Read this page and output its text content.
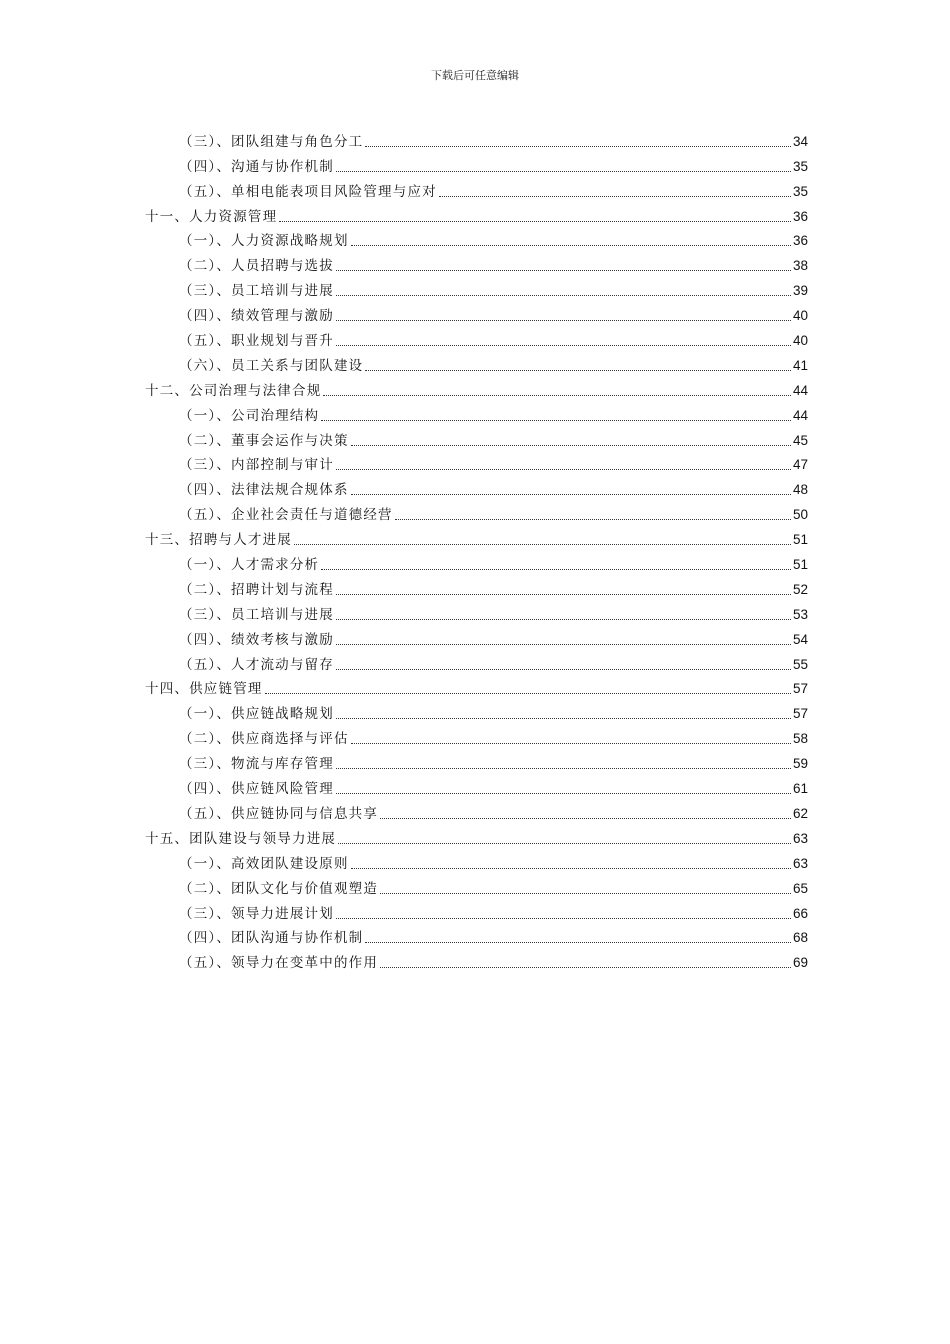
下载后可任意编辑
（三）、团队组建与角色分工	34
（四）、沟通与协作机制	35
（五）、单相电能表项目风险管理与应对	35
十一、人力资源管理	36
（一）、人力资源战略规划	36
（二）、人员招聘与选拔	38
（三）、员工培训与进展	39
（四）、绩效管理与激励	40
（五）、职业规划与晋升	40
（六）、员工关系与团队建设	41
十二、公司治理与法律合规	44
（一）、公司治理结构	44
（二）、董事会运作与决策	45
（三）、内部控制与审计	47
（四）、法律法规合规体系	48
（五）、企业社会责任与道德经营	50
十三、招聘与人才进展	51
（一）、人才需求分析	51
（二）、招聘计划与流程	52
（三）、员工培训与进展	53
（四）、绩效考核与激励	54
（五）、人才流动与留存	55
十四、供应链管理	57
（一）、供应链战略规划	57
（二）、供应商选择与评估	58
（三）、物流与库存管理	59
（四）、供应链风险管理	61
（五）、供应链协同与信息共享	62
十五、团队建设与领导力进展	63
（一）、高效团队建设原则	63
（二）、团队文化与价值观塑造	65
（三）、领导力进展计划	66
（四）、团队沟通与协作机制	68
（五）、领导力在变革中的作用	69
